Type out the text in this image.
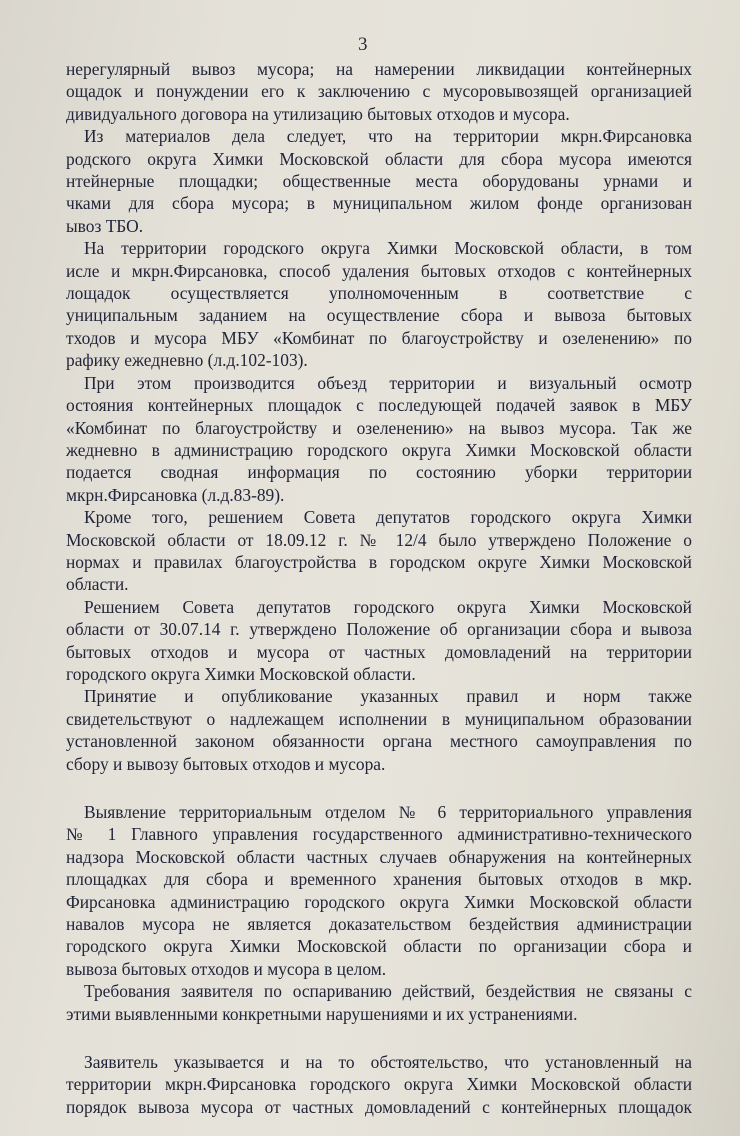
3
нерегулярный вывоз мусора; на намерении ликвидации контейнерных
ощадок и понуждении его к заключению с мусоровывозящей организацией
дивидуального договора на утилизацию бытовых отходов и мусора.
Из материалов дела следует, что на территории мкрн.Фирсановка
родского округа Химки Московской области для сбора мусора имеются
нтейнерные площадки; общественные места оборудованы урнами и
чками для сбора мусора; в муниципальном жилом фонде организован
ывоз ТБО.
На территории городского округа Химки Московской области, в том
исле и мкрн.Фирсановка, способ удаления бытовых отходов с контейнерных
лощадок осуществляется уполномоченным в соответствие с
униципальным заданием на осуществление сбора и вывоза бытовых
тходов и мусора МБУ «Комбинат по благоустройству и озеленению» по
рафику ежедневно (л.д.102-103).
При этом производится объезд территории и визуальный осмотр
остояния контейнерных площадок с последующей подачей заявок в МБУ
«Комбинат по благоустройству и озеленению» на вывоз мусора. Так же
жедневно в администрацию городского округа Химки Московской области
подается сводная информация по состоянию уборки территории
мкрн.Фирсановка (л.д.83-89).
Кроме того, решением Совета депутатов городского округа Химки
Московской области от 18.09.12 г. № 12/4 было утверждено Положение о
нормах и правилах благоустройства в городском округе Химки Московской
области.
Решением Совета депутатов городского округа Химки Московской
области от 30.07.14 г. утверждено Положение об организации сбора и вывоза
бытовых отходов и мусора от частных домовладений на территории
городского округа Химки Московской области.
Принятие и опубликование указанных правил и норм также
свидетельствуют о надлежащем исполнении в муниципальном образовании
установленной законом обязанности органа местного самоуправления по
сбору и вывозу бытовых отходов и мусора.
Выявление территориальным отделом № 6 территориального управления
№ 1 Главного управления государственного административно-технического
надзора Московской области частных случаев обнаружения на контейнерных
площадках для сбора и временного хранения бытовых отходов в мкр.
Фирсановка администрацию городского округа Химки Московской области
навалов мусора не является доказательством бездействия администрации
городского округа Химки Московской области по организации сбора и
вывоза бытовых отходов и мусора в целом.
Требования заявителя по оспариванию действий, бездействия не связаны с
этими выявленными конкретными нарушениями и их устранениями.
Заявитель указывается и на то обстоятельство, что установленный на
территории мкрн.Фирсановка городского округа Химки Московской области
порядок вывоза мусора от частных домовладений с контейнерных площадок
